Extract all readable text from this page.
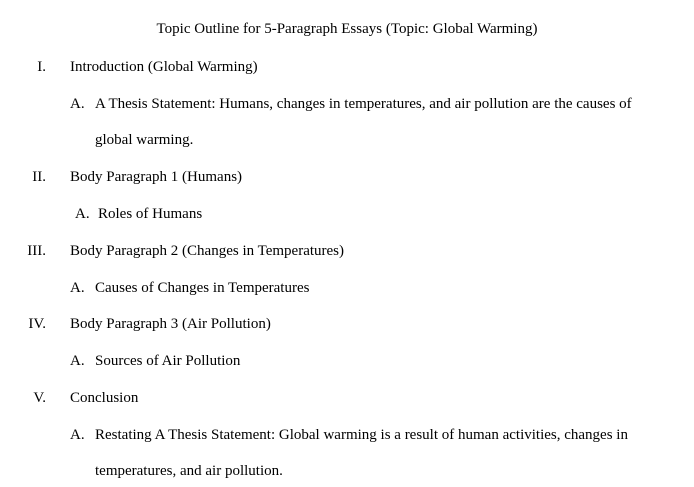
Topic Outline for 5-Paragraph Essays (Topic: Global Warming)
I. Introduction (Global Warming)
A. A Thesis Statement: Humans, changes in temperatures, and air pollution are the causes of
global warming.
II. Body Paragraph 1 (Humans)
A. Roles of Humans
III. Body Paragraph 2 (Changes in Temperatures)
A. Causes of Changes in Temperatures
IV. Body Paragraph 3 (Air Pollution)
A. Sources of Air Pollution
V. Conclusion
A. Restating A Thesis Statement: Global warming is a result of human activities, changes in
temperatures, and air pollution.
